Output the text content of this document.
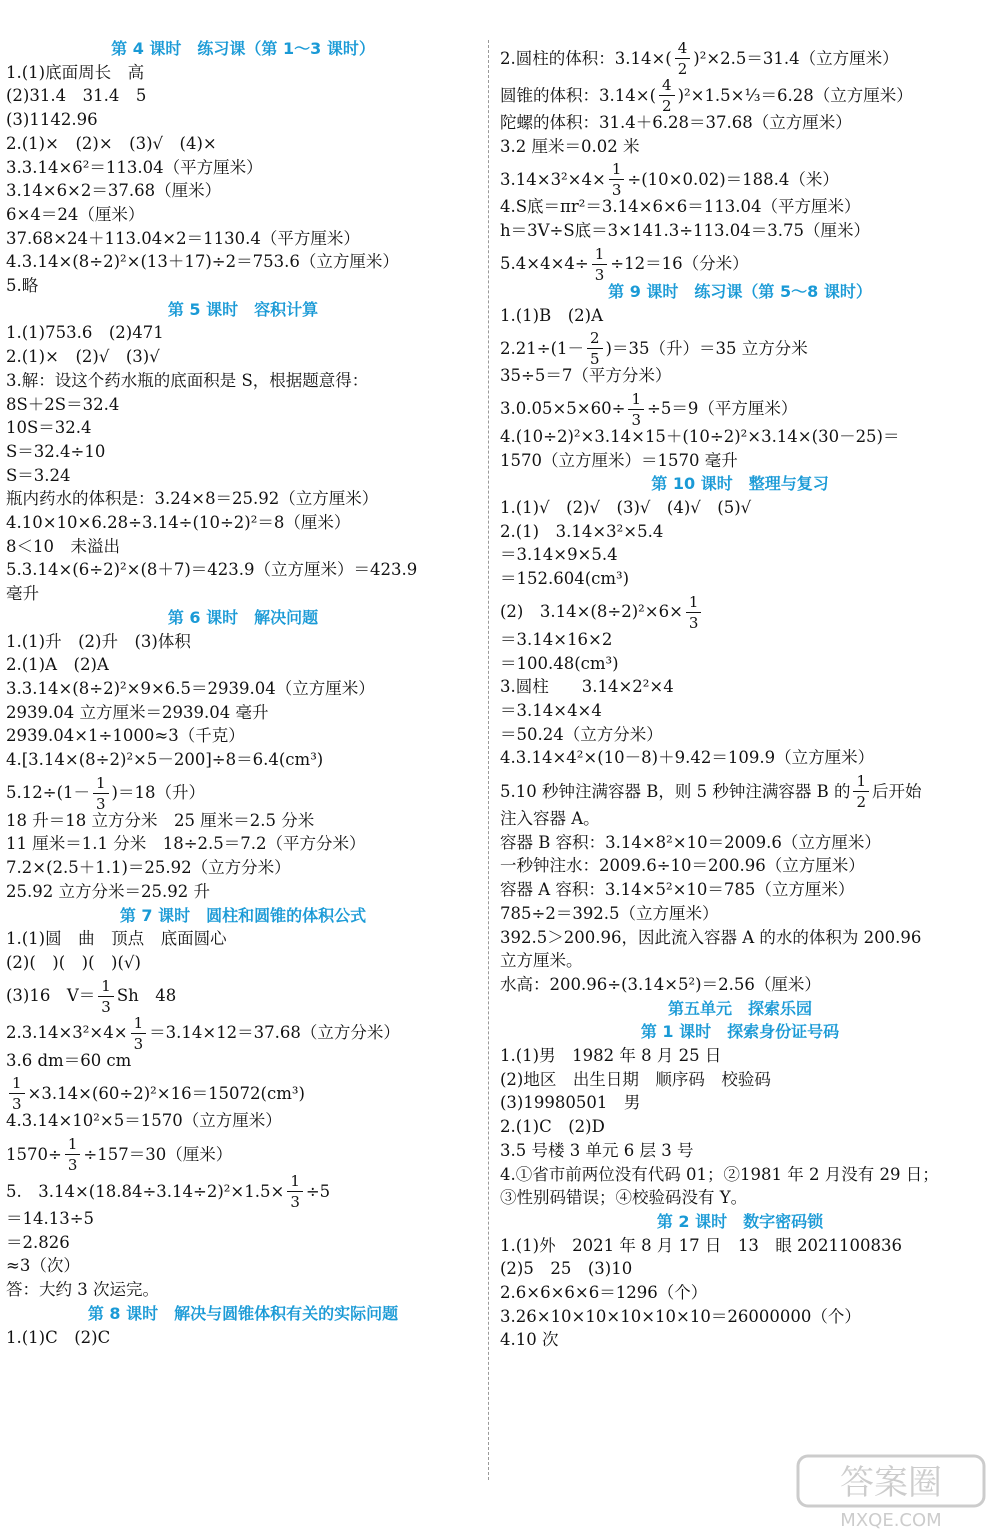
第 4 课时　练习课（第 1～3 课时）
1.(1)底面周长　高
(2)31.4　31.4　5
(3)1142.96
2.(1)×　(2)×　(3)√　(4)×
3.3.14×6²＝113.04（平方厘米）
3.14×6×2＝37.68（厘米）
6×4＝24（厘米）
37.68×24＋113.04×2＝1130.4（平方厘米）
4.3.14×(8÷2)²×(13＋17)÷2＝753.6（立方厘米）
5.略
第 5 课时　容积计算
1.(1)753.6　(2)471
2.(1)×　(2)√　(3)√
3.解：设这个药水瓶的底面积是 S，根据题意得：
8S＋2S＝32.4
10S＝32.4
S＝32.4÷10
S＝3.24
瓶内药水的体积是：3.24×8＝25.92（立方厘米）
4.10×10×6.28÷3.14÷(10÷2)²＝8（厘米）
8＜10　未溢出
5.3.14×(6÷2)²×(8＋7)＝423.9（立方厘米）＝423.9
毫升
第 6 课时　解决问题
1.(1)升　(2)升　(3)体积
2.(1)A　(2)A
3.3.14×(8÷2)²×9×6.5＝2939.04（立方厘米）
2939.04 立方厘米＝2939.04 毫升
2939.04×1÷1000≈3（千克）
4.[3.14×(8÷2)²×5－200]÷8＝6.4(cm³)
$5.12\div(1- \frac{1}{3} )=18$（升）
18 升＝18 立方分米　25 厘米＝2.5 分米
11 厘米＝1.1 分米　18÷2.5＝7.2（平方分米）
7.2×(2.5＋1.1)＝25.92（立方分米）
25.92 立方分米＝25.92 升
第 7 课时　圆柱和圆锥的体积公式
1.(1)圆　曲　顶点　底面圆心
(2)(　)(　)(　)(√)
(3)16　$V= \frac{1}{3}$ Sh　48
$2.3.14\times 3^2\times 4\times \frac{1}{3} =3.14\times 12=37.68$（立方分米）
3.6 dm＝60 cm
$\frac{1}{3} \times 3.14\times(60\div 2)^2\times 16=15072(cm^3)$
4.3.14×10²×5＝1570（立方厘米）
$1570\div \frac{1}{3} \div 157=30$（厘米）
5.　$3.14\times(18.84\div 3.14\div 2)^2\times 1.5\times \frac{1}{3} \div 5$
＝14.13÷5
＝2.826
≈3（次）
答：大约 3 次运完。
第 8 课时　解决与圆锥体积有关的实际问题
1.(1)C　(2)C
2.圆柱的体积：$3.14\times( \frac{4}{2} )^2\times 2.5=31.4$（立方厘米）
圆锥的体积：$3.14\times( \frac{4}{2}$ )²×1.5×⅓＝6.28（立方厘米）
陀螺的体积：31.4＋6.28＝37.68（立方厘米）
3.2 厘米＝0.02 米
$3.14\times 3^2\times 4\times \frac{1}{3} \div(10\times 0.02)=188.4$（米）
4.S底＝πr²＝3.14×6×6＝113.04（平方厘米）
h＝3V÷S底＝3×141.3÷113.04＝3.75（厘米）
$5.4\times 4\times 4\div \frac{1}{3} \div 12=16$（分米）
第 9 课时　练习课（第 5～8 课时）
1.(1)B　(2)A
$2.21\div(1- \frac{2}{5} )=35$（升）＝35 立方分米
35÷5＝7（平方分米）
$3.0.05\times 5\times 60\div \frac{1}{3} \div 5=9$（平方厘米）
4.(10÷2)²×3.14×15＋(10÷2)²×3.14×(30－25)＝
1570（立方厘米）＝1570 毫升
第 10 课时　整理与复习
1.(1)√　(2)√　(3)√　(4)√　(5)√
2.(1)　3.14×3²×5.4
＝3.14×9×5.4
＝152.604(cm³)
(2)　$3.14\times(8\div 2)^2\times 6\times \frac{1}{3}$
＝3.14×16×2
＝100.48(cm³)
3.圆柱　　3.14×2²×4
＝3.14×4×4
＝50.24（立方分米）
4.3.14×4²×(10－8)＋9.42＝109.9（立方厘米）
5.10 秒钟注满容器 B，则 5 秒钟注满容器 B 的 $\frac{1}{2}$ 后开始
注入容器 A。
容器 B 容积：3.14×8²×10＝2009.6（立方厘米）
一秒钟注水：2009.6÷10＝200.96（立方厘米）
容器 A 容积：3.14×5²×10＝785（立方厘米）
785÷2＝392.5（立方厘米）
392.5＞200.96，因此流入容器 A 的水的体积为 200.96
立方厘米。
水高：200.96÷(3.14×5²)＝2.56（厘米）
第五单元　探索乐园
第 1 课时　探索身份证号码
1.(1)男　1982 年 8 月 25 日
(2)地区　出生日期　顺序码　校验码
(3)19980501　男
2.(1)C　(2)D
3.5 号楼 3 单元 6 层 3 号
4.①省市前两位没有代码 01；②1981 年 2 月没有 29 日；
③性别码错误；④校验码没有 Y。
第 2 课时　数字密码锁
1.(1)外　2021 年 8 月 17 日　13　眼 2021100836
(2)5　25　(3)10
2.6×6×6×6＝1296（个）
3.26×10×10×10×10×10＝26000000（个）
4.10 次
答案圈
MXQE.COM
